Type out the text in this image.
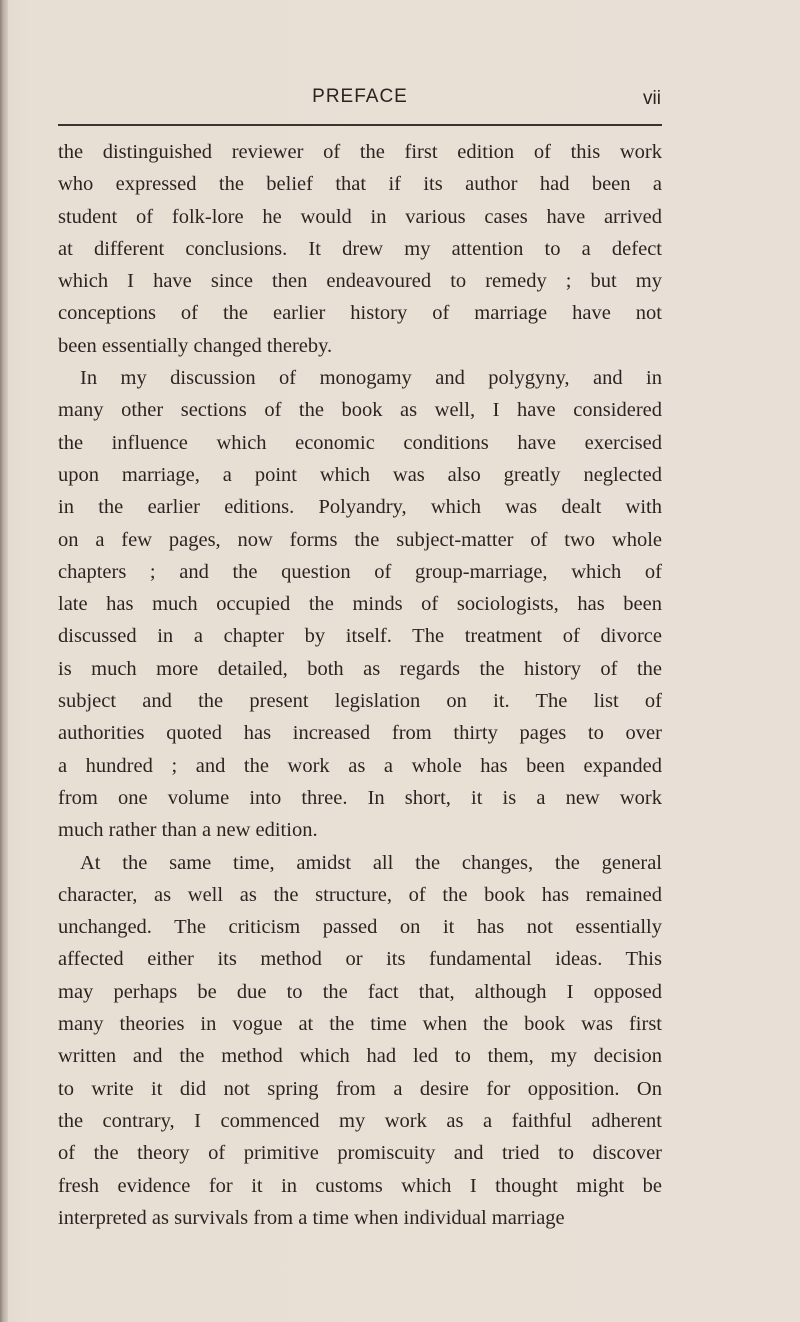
PREFACE	vii
the distinguished reviewer of the first edition of this work
who expressed the belief that if its author had been a
student of folk-lore he would in various cases have arrived
at different conclusions. It drew my attention to a defect
which I have since then endeavoured to remedy ; but my
conceptions of the earlier history of marriage have not
been essentially changed thereby.
In my discussion of monogamy and polygyny, and in
many other sections of the book as well, I have considered
the influence which economic conditions have exercised
upon marriage, a point which was also greatly neglected
in the earlier editions. Polyandry, which was dealt with
on a few pages, now forms the subject-matter of two whole
chapters ; and the question of group-marriage, which of
late has much occupied the minds of sociologists, has been
discussed in a chapter by itself. The treatment of divorce
is much more detailed, both as regards the history of the
subject and the present legislation on it. The list of
authorities quoted has increased from thirty pages to over
a hundred ; and the work as a whole has been expanded
from one volume into three. In short, it is a new work
much rather than a new edition.
At the same time, amidst all the changes, the general
character, as well as the structure, of the book has remained
unchanged. The criticism passed on it has not essentially
affected either its method or its fundamental ideas. This
may perhaps be due to the fact that, although I opposed
many theories in vogue at the time when the book was first
written and the method which had led to them, my decision
to write it did not spring from a desire for opposition. On
the contrary, I commenced my work as a faithful adherent
of the theory of primitive promiscuity and tried to discover
fresh evidence for it in customs which I thought might be
interpreted as survivals from a time when individual marriage
